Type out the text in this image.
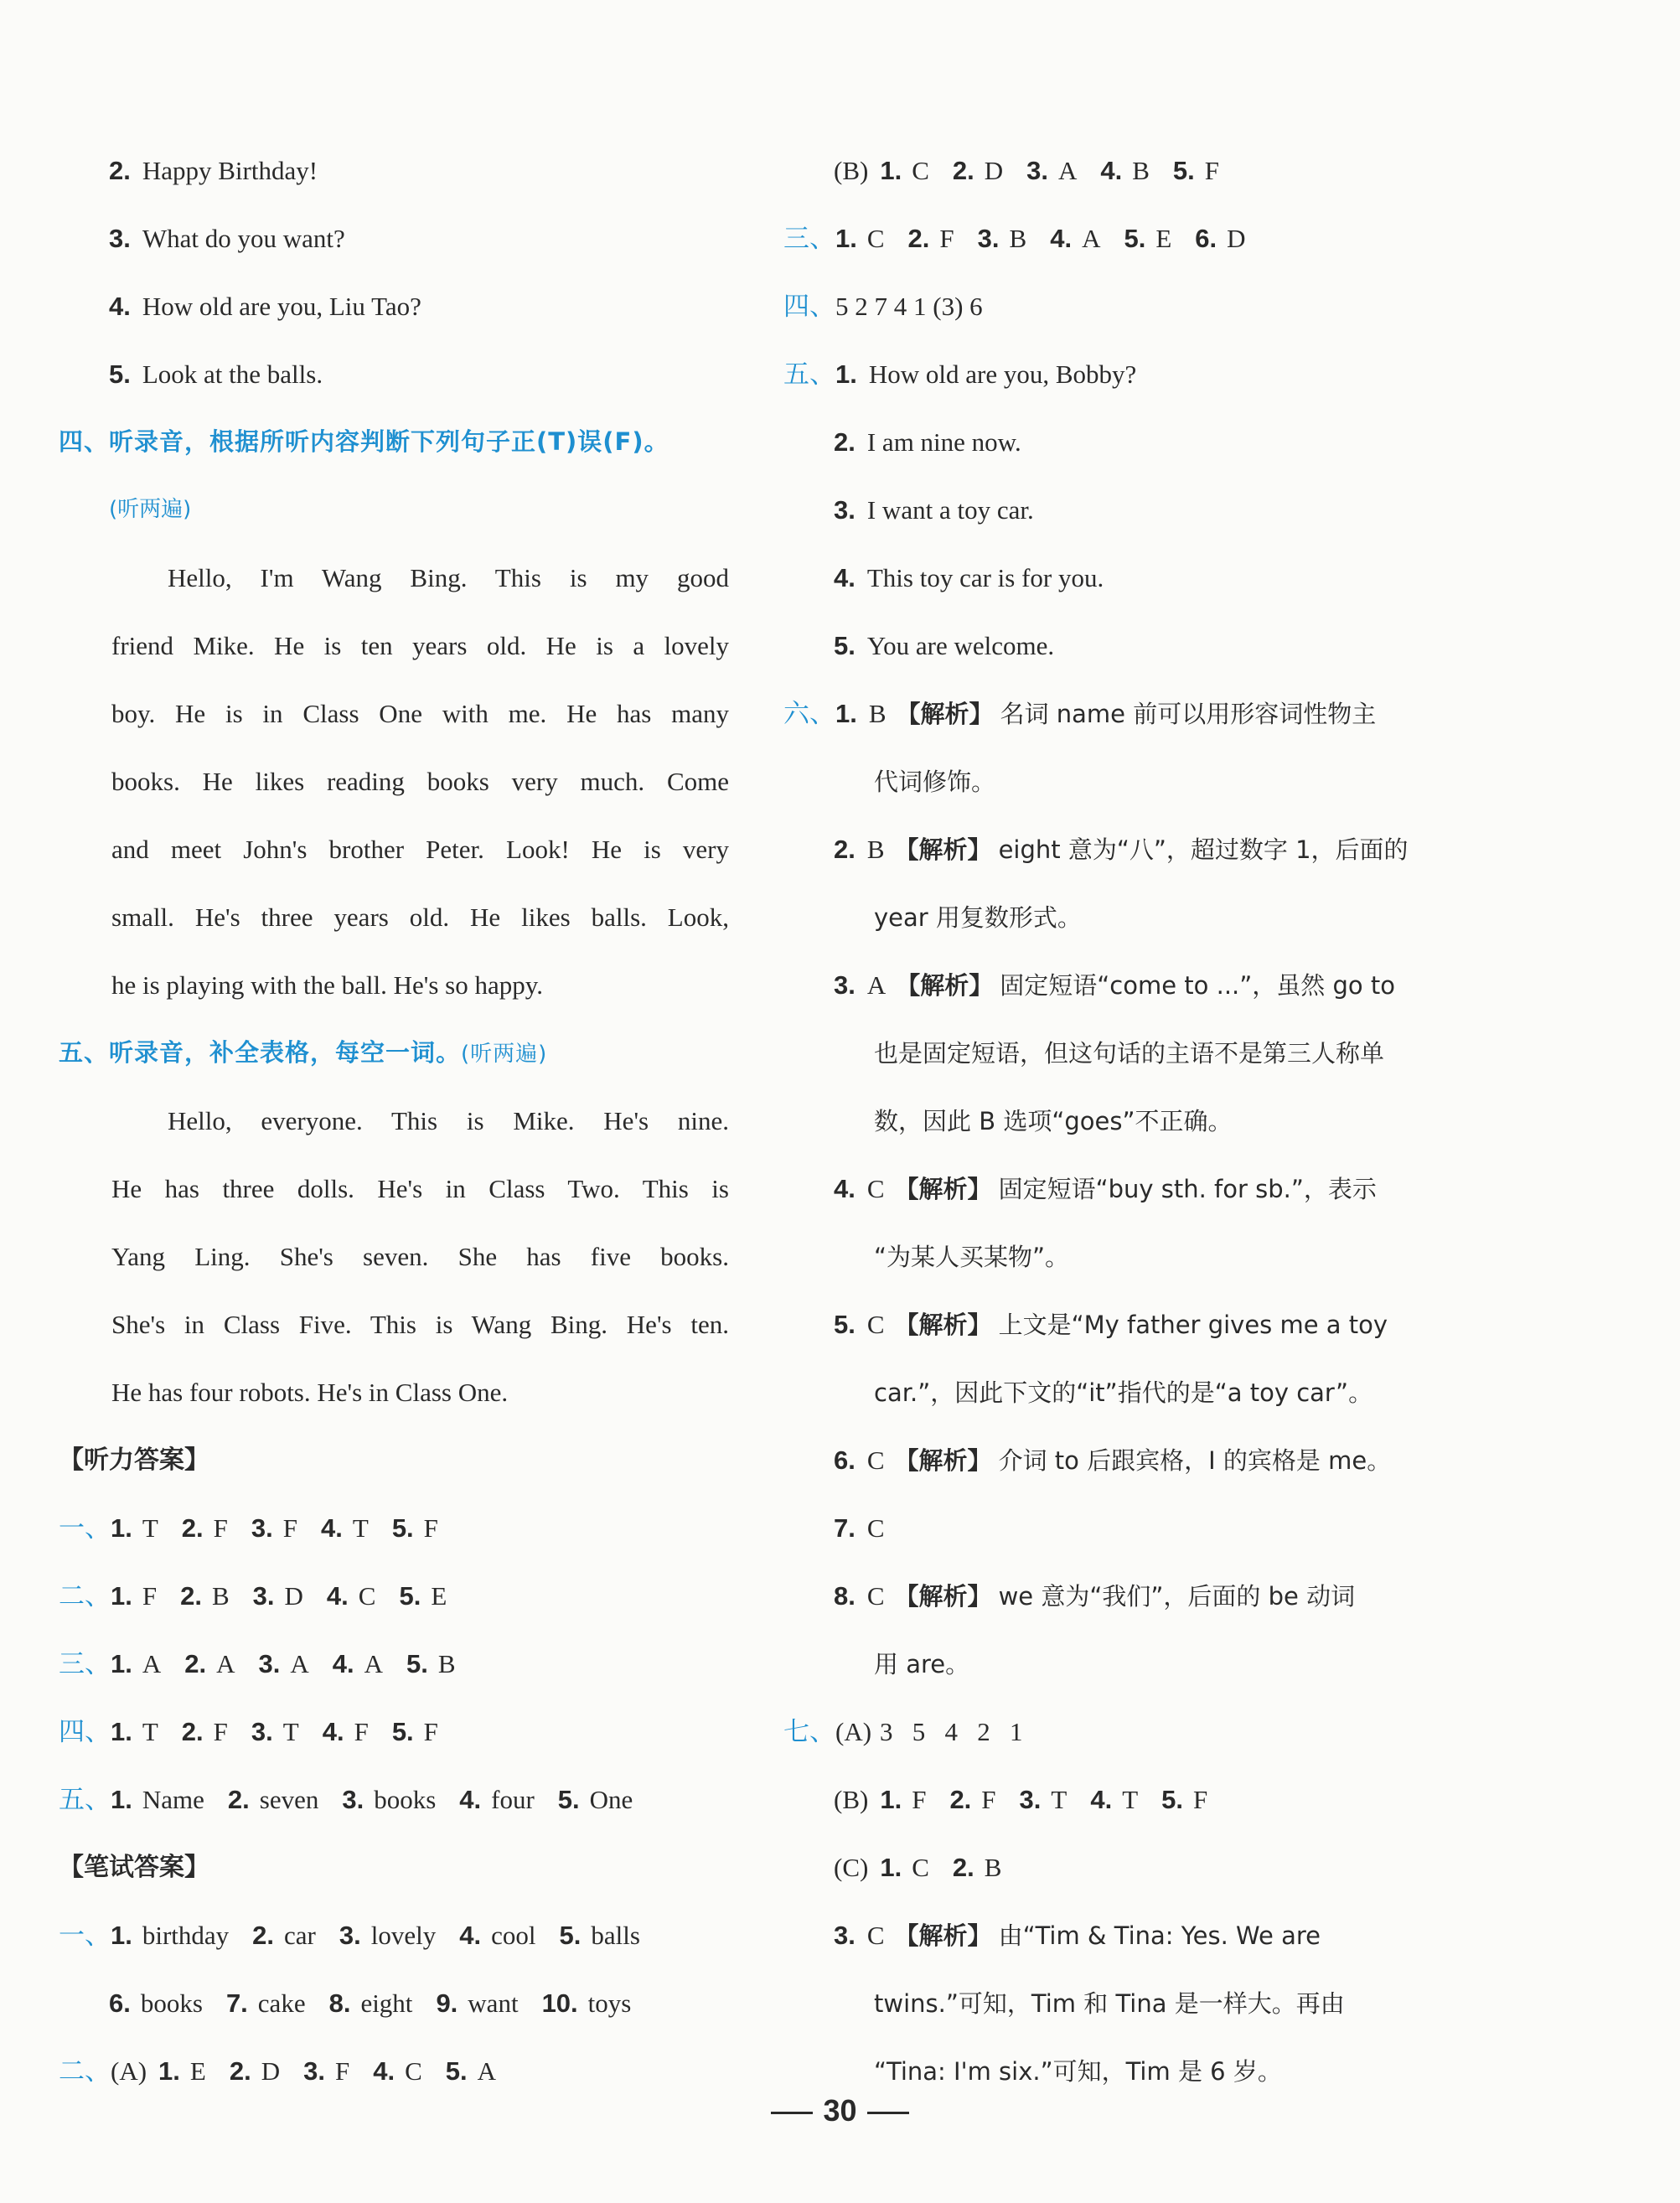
2. Happy Birthday!
3. What do you want?
4. How old are you, Liu Tao?
5. Look at the balls.
四、听录音，根据所听内容判断下列句子正(T)误(F)。
(听两遍)
Hello, I'm Wang Bing. This is my good
friend Mike. He is ten years old. He is a lovely
boy. He is in Class One with me. He has many
books. He likes reading books very much. Come
and meet John's brother Peter. Look! He is very
small. He's three years old. He likes balls. Look,
he is playing with the ball. He's so happy.
五、听录音，补全表格，每空一词。(听两遍)
Hello, everyone. This is Mike. He's nine.
He has three dolls. He's in Class Two. This is
Yang Ling. She's seven. She has five books.
She's in Class Five. This is Wang Bing. He's ten.
He has four robots. He's in Class One.
【听力答案】
一、1. T 2. F 3. F 4. T 5. F
二、1. F 2. B 3. D 4. C 5. E
三、1. A 2. A 3. A 4. A 5. B
四、1. T 2. F 3. T 4. F 5. F
五、1. Name 2. seven 3. books 4. four 5. One
【笔试答案】
一、1. birthday 2. car 3. lovely 4. cool 5. balls
6. books 7. cake 8. eight 9. want 10. toys
二、(A) 1. E 2. D 3. F 4. C 5. A
(B) 1. C 2. D 3. A 4. B 5. F
三、1. C 2. F 3. B 4. A 5. E 6. D
四、5 2 7 4 1 (3) 6
五、1. How old are you, Bobby?
2. I am nine now.
3. I want a toy car.
4. This toy car is for you.
5. You are welcome.
六、1. B 【解析】 名词 name 前可以用形容词性物主
代词修饰。
2. B 【解析】 eight 意为“八”，超过数字 1，后面的
year 用复数形式。
3. A 【解析】 固定短语“come to ...”，虽然 go to
也是固定短语，但这句话的主语不是第三人称单
数，因此 B 选项“goes”不正确。
4. C 【解析】 固定短语“buy sth. for sb.”，表示
“为某人买某物”。
5. C 【解析】 上文是“My father gives me a toy
car.”，因此下文的“it”指代的是“a toy car”。
6. C 【解析】 介词 to 后跟宾格，I 的宾格是 me。
7. C
8. C 【解析】 we 意为“我们”，后面的 be 动词
用 are。
七、(A) 3   5   4   2   1
(B) 1. F 2. F 3. T 4. T 5. F
(C) 1. C 2. B
3. C 【解析】 由“Tim & Tina: Yes. We are
twins.”可知，Tim 和 Tina 是一样大。再由
“Tina: I'm six.”可知，Tim 是 6 岁。
30
